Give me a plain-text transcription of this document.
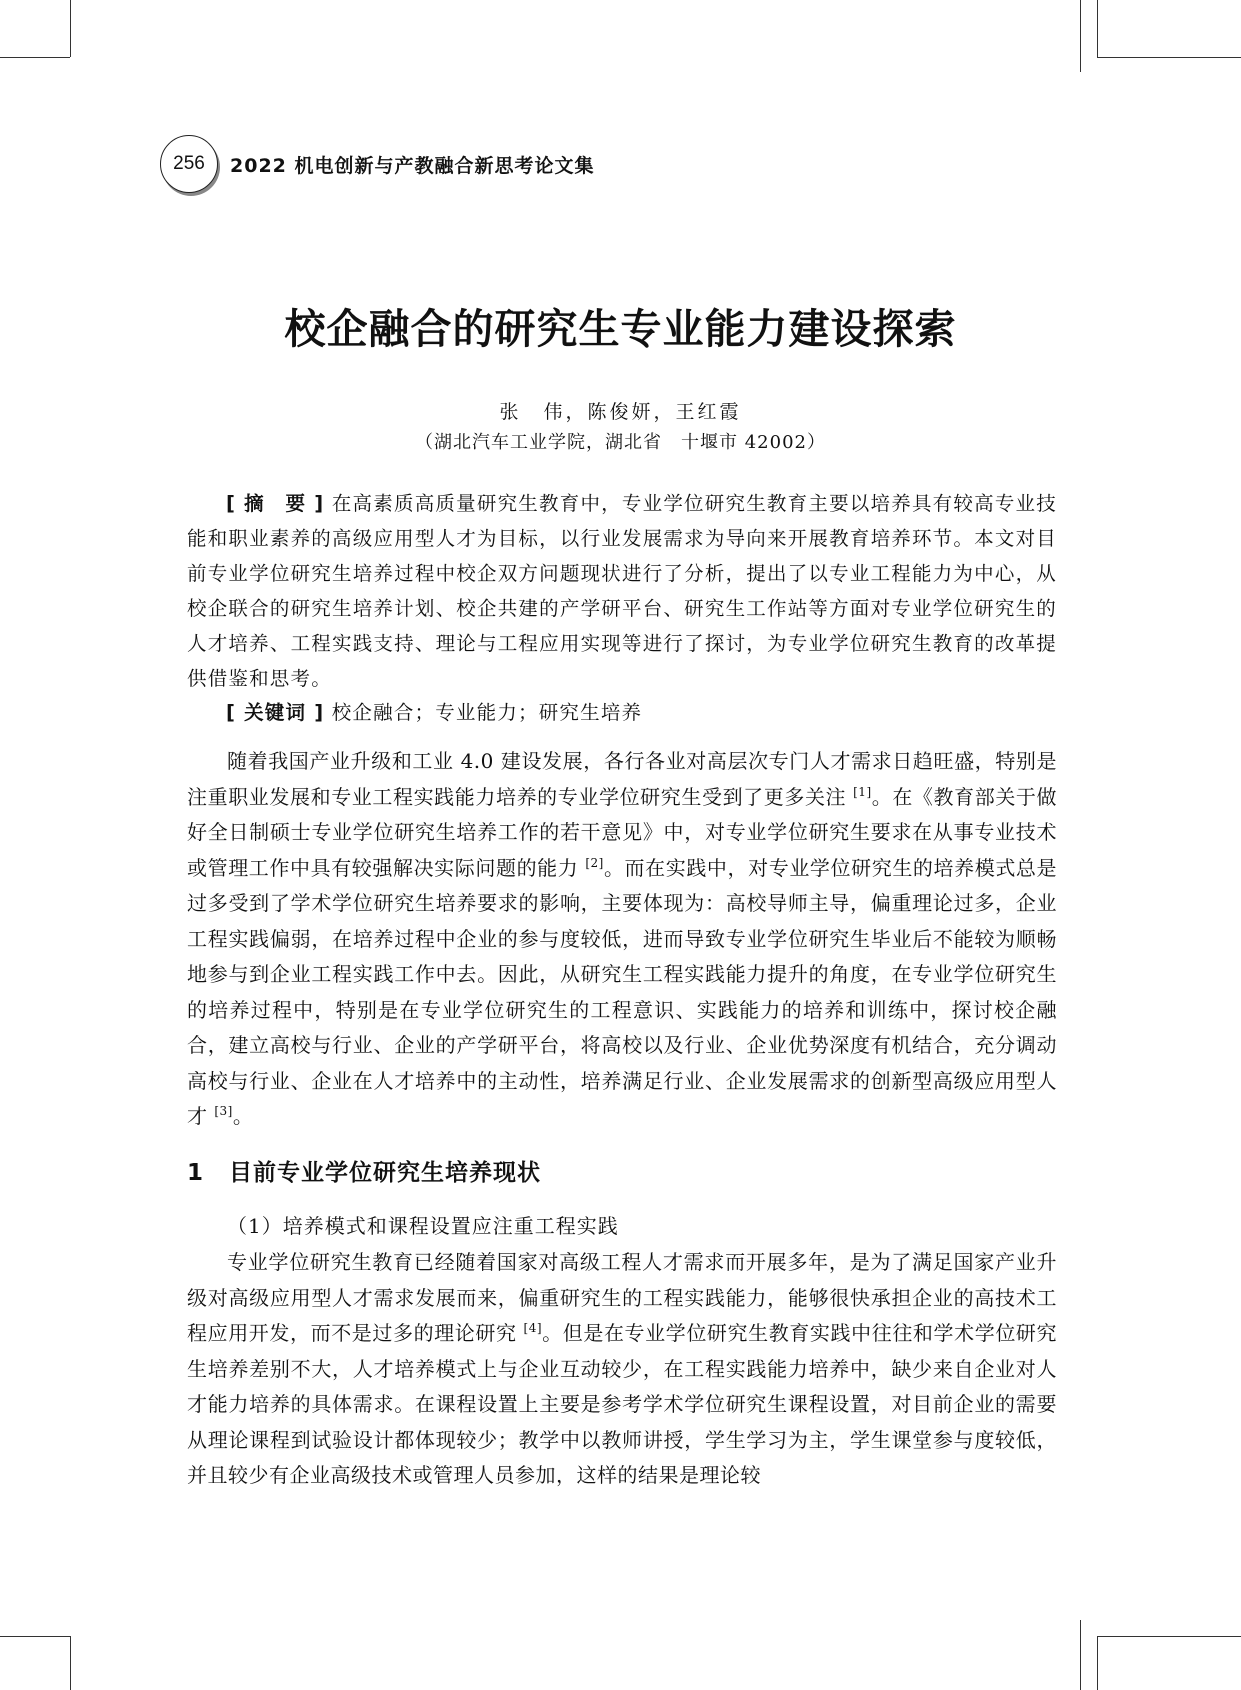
256	2022 机电创新与产教融合新思考论文集
校企融合的研究生专业能力建设探索
张　伟，陈俊妍，王红霞
（湖北汽车工业学院，湖北省　十堰市 42002）
[ 摘　要 ] 在高素质高质量研究生教育中，专业学位研究生教育主要以培养具有较高专业技能和职业素养的高级应用型人才为目标，以行业发展需求为导向来开展教育培养环节。本文对目前专业学位研究生培养过程中校企双方问题现状进行了分析，提出了以专业工程能力为中心，从校企联合的研究生培养计划、校企共建的产学研平台、研究生工作站等方面对专业学位研究生的人才培养、工程实践支持、理论与工程应用实现等进行了探讨，为专业学位研究生教育的改革提供借鉴和思考。
[ 关键词 ] 校企融合；专业能力；研究生培养
随着我国产业升级和工业 4.0 建设发展，各行各业对高层次专门人才需求日趋旺盛，特别是注重职业发展和专业工程实践能力培养的专业学位研究生受到了更多关注 [1]。在《教育部关于做好全日制硕士专业学位研究生培养工作的若干意见》中，对专业学位研究生要求在从事专业技术或管理工作中具有较强解决实际问题的能力 [2]。而在实践中，对专业学位研究生的培养模式总是过多受到了学术学位研究生培养要求的影响，主要体现为：高校导师主导，偏重理论过多，企业工程实践偏弱，在培养过程中企业的参与度较低，进而导致专业学位研究生毕业后不能较为顺畅地参与到企业工程实践工作中去。因此，从研究生工程实践能力提升的角度，在专业学位研究生的培养过程中，特别是在专业学位研究生的工程意识、实践能力的培养和训练中，探讨校企融合，建立高校与行业、企业的产学研平台，将高校以及行业、企业优势深度有机结合，充分调动高校与行业、企业在人才培养中的主动性，培养满足行业、企业发展需求的创新型高级应用型人才 [3]。
1 目前专业学位研究生培养现状
（1）培养模式和课程设置应注重工程实践
专业学位研究生教育已经随着国家对高级工程人才需求而开展多年，是为了满足国家产业升级对高级应用型人才需求发展而来，偏重研究生的工程实践能力，能够很快承担企业的高技术工程应用开发，而不是过多的理论研究 [4]。但是在专业学位研究生教育实践中往往和学术学位研究生培养差别不大，人才培养模式上与企业互动较少，在工程实践能力培养中，缺少来自企业对人才能力培养的具体需求。在课程设置上主要是参考学术学位研究生课程设置，对目前企业的需要从理论课程到试验设计都体现较少；教学中以教师讲授，学生学习为主，学生课堂参与度较低，并且较少有企业高级技术或管理人员参加，这样的结果是理论较
